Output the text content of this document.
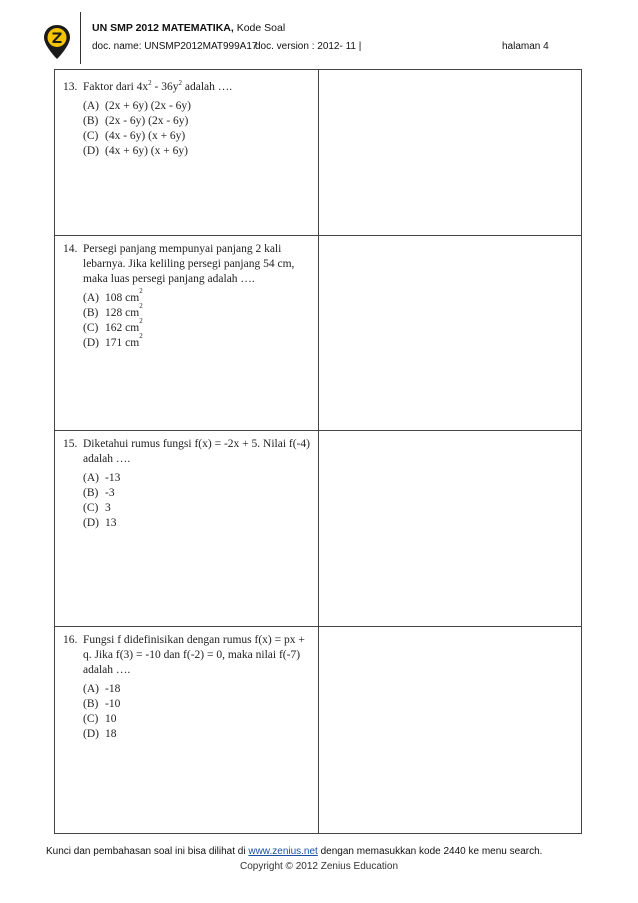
UN SMP 2012 MATEMATIKA, Kode Soal
doc. name: UNSMP2012MAT999A17
doc. version : 2012- 11 |	halaman 4
13. Faktor dari $4x^2 - 36y^2$ adalah ….
(A) (2x + 6y) (2x - 6y)
(B) (2x - 6y) (2x - 6y)
(C) (4x - 6y) (x + 6y)
(D) (4x + 6y) (x + 6y)
14. Persegi panjang mempunyai panjang 2 kali lebarnya. Jika keliling persegi panjang 54 cm, maka luas persegi panjang adalah ….
(A) 108 cm
2
(B) 128 cm
2
(C) 162 cm
2
(D) 171 cm
2
15. Diketahui rumus fungsi f(x) = -2x + 5. Nilai f(-4) adalah ….
(A) -13
(B) -3
(C) 3
(D) 13
16. Fungsi f didefinisikan dengan rumus f(x) = px + q. Jika f(3) = -10 dan f(-2) = 0, maka nilai f(-7) adalah ….
(A) -18
(B) -10
(C) 10
(D) 18
Kunci dan pembahasan soal ini bisa dilihat di www.zenius.net dengan memasukkan kode 2440 ke menu search.
Copyright © 2012 Zenius Education
